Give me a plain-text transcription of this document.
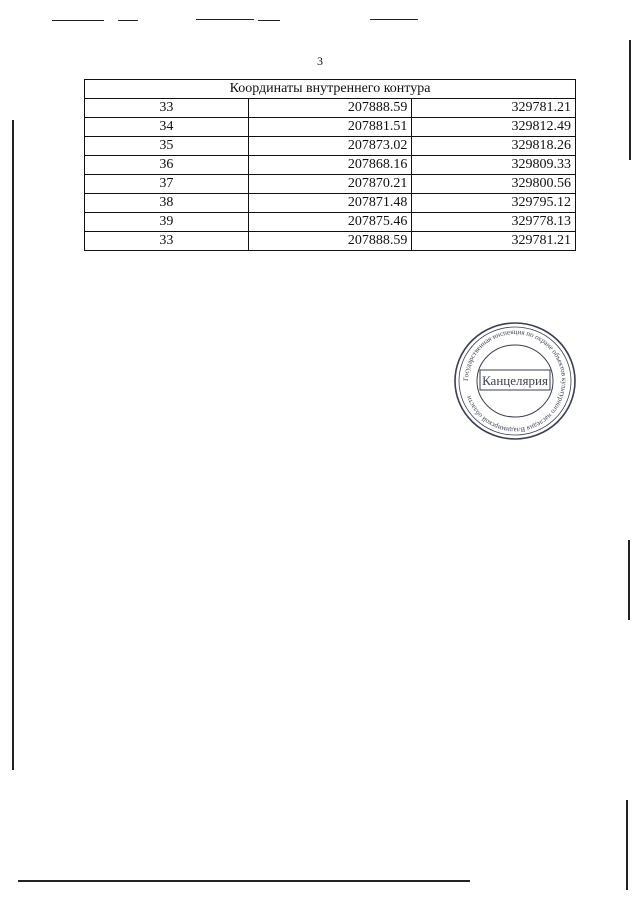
3
Координаты внутреннего контура		
33	207888.59	329781.21
34	207881.51	329812.49
35	207873.02	329818.26
36	207868.16	329809.33
37	207870.21	329800.56
38	207871.48	329795.12
39	207875.46	329778.13
33	207888.59	329781.21
Государственная инспекция по охране объектов культурного наследия Владимирской области
Канцелярия
